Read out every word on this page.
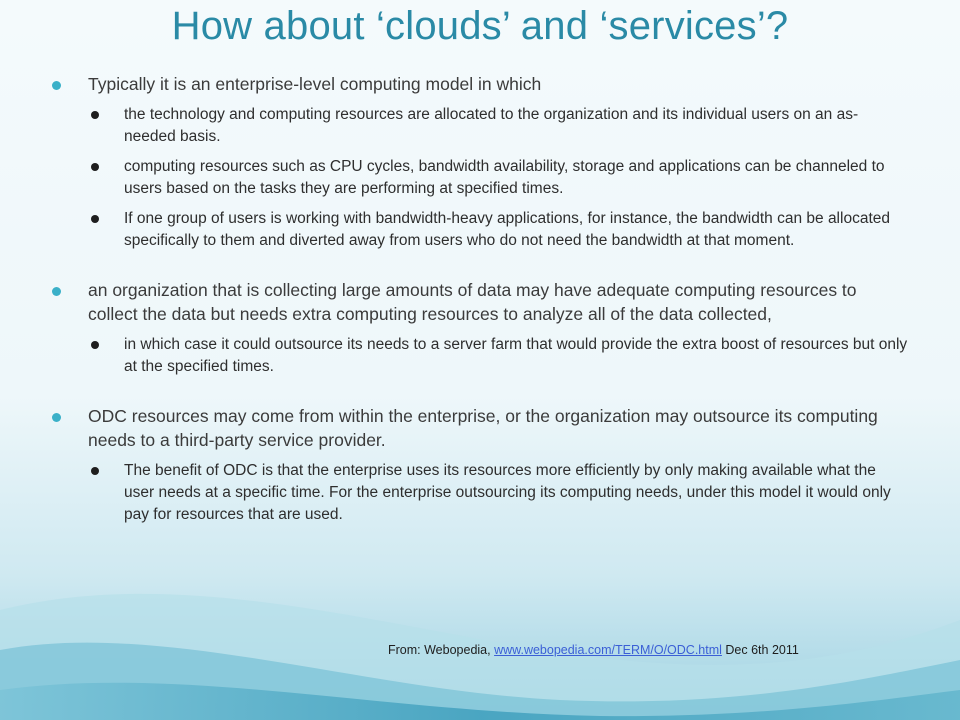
How about ‘clouds’ and ‘services’?
Typically it is an enterprise-level computing model in which
the technology and computing resources are allocated to the organization and its individual users on an as-needed basis.
computing resources such as CPU cycles, bandwidth availability, storage and applications can be channeled to users based on the tasks they are performing at specified times.
If one group of users is working with bandwidth-heavy applications, for instance, the bandwidth can be allocated specifically to them and diverted away from users who do not need the bandwidth at that moment.
an organization that is collecting large amounts of data may have adequate computing resources to collect the data but needs extra computing resources to analyze all of the data collected,
in which case it could outsource its needs to a server farm that would provide the extra boost of resources but only at the specified times.
ODC resources may come from within the enterprise, or the organization may outsource its computing needs to a third-party service provider.
The benefit of ODC is that the enterprise uses its resources more efficiently by only making available what the user needs at a specific time. For the enterprise outsourcing its computing needs, under this model it would only pay for resources that are used.
From: Webopedia, www.webopedia.com/TERM/O/ODC.html Dec 6th 2011
